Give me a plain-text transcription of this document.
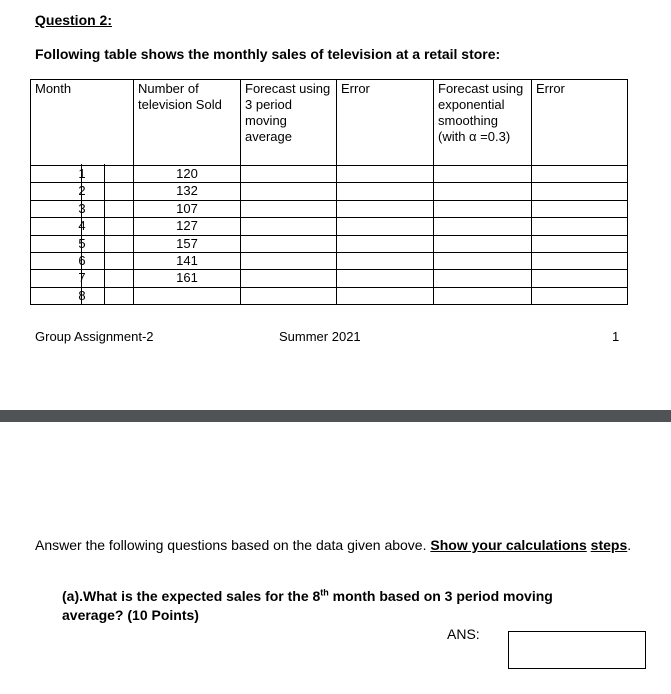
Question 2:
Following table shows the monthly sales of television at a retail store:
Month	Number of television Sold	Forecast using 3 period moving average	Error	Forecast using exponential smoothing (with α =0.3)	Error
1	120				
2	132				
3	107				
4	127				
5	157				
6	141				
7	161				
8					
Group Assignment-2	Summer 2021	1
Answer the following questions based on the data given above. Show your calculations steps.
(a).What is the expected sales for the 8th month based on 3 period moving average? (10 Points)
ANS:
